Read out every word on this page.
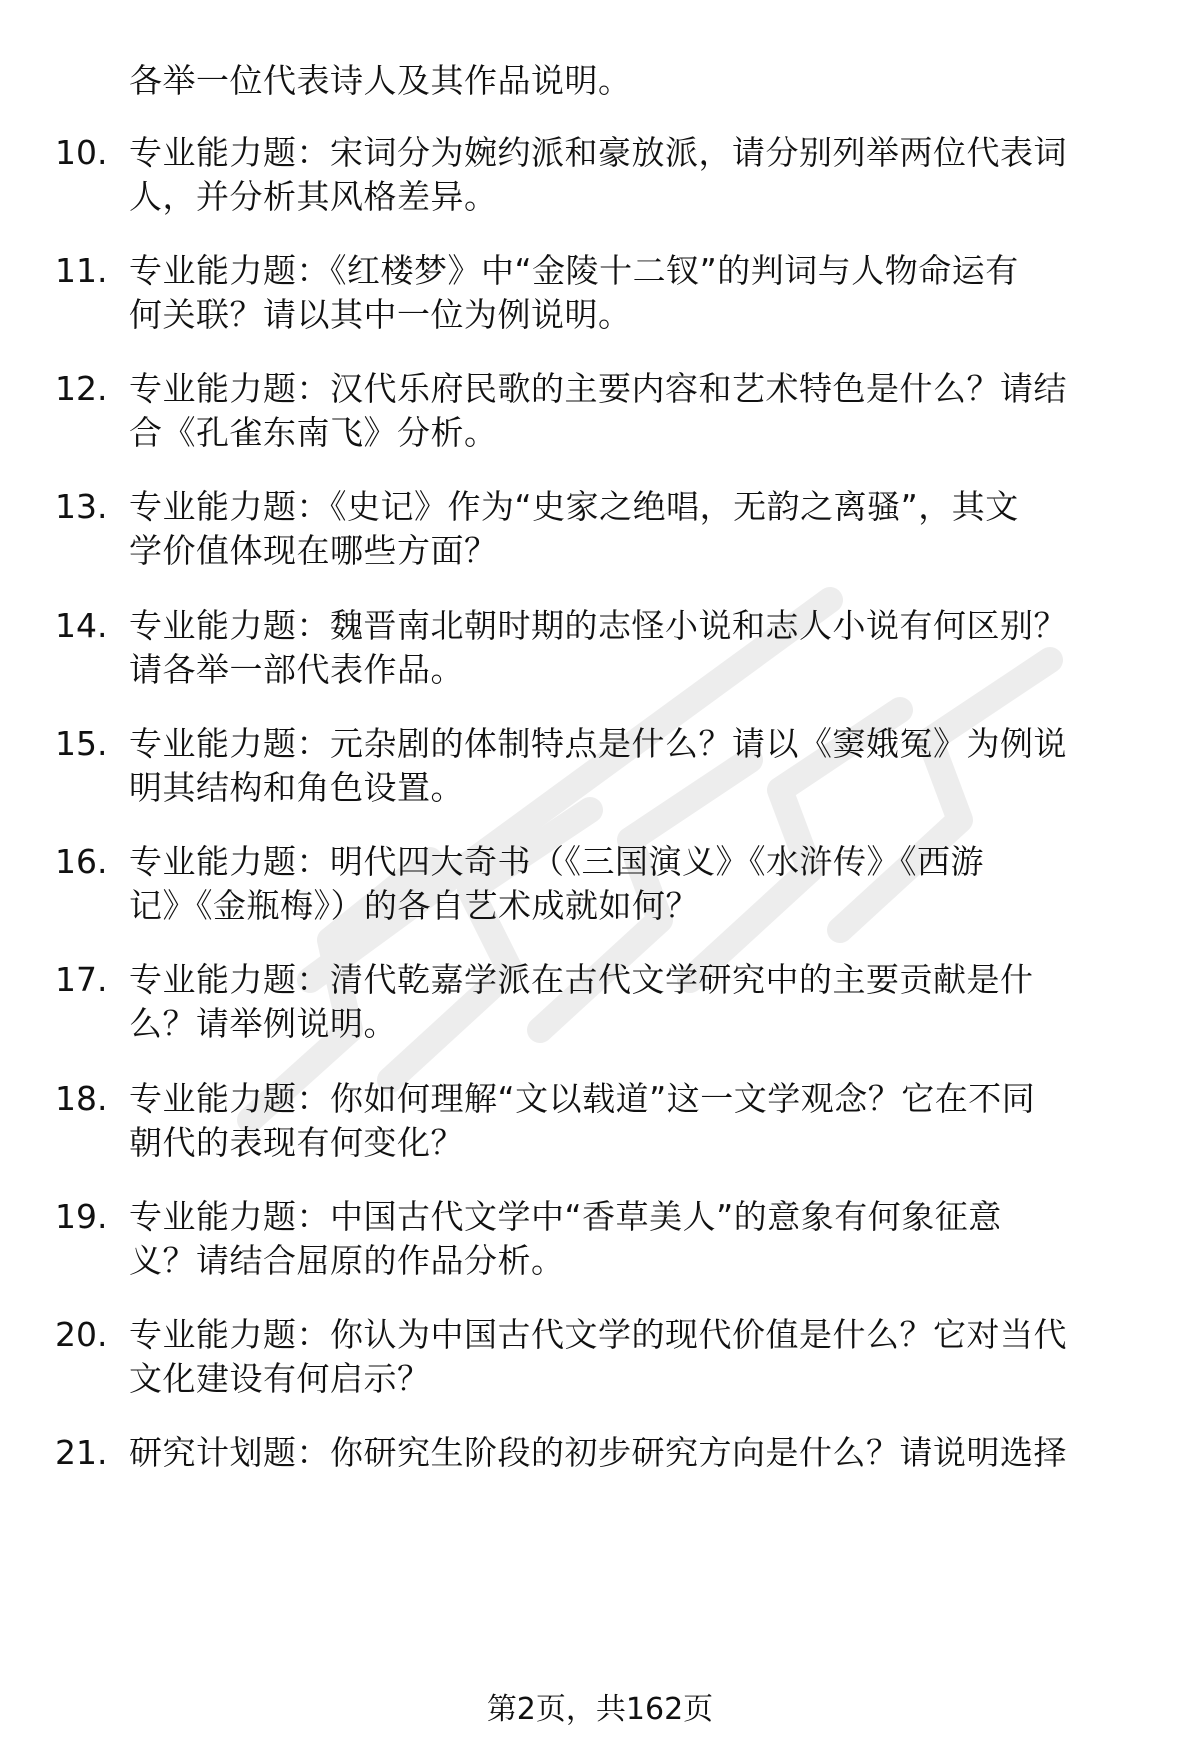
各举一位代表诗人及其作品说明。
10. 专业能力题：宋词分为婉约派和豪放派，请分别列举两位代表词
人，并分析其风格差异。
11. 专业能力题：《红楼梦》中“金陵十二钗”的判词与人物命运有
何关联？请以其中一位为例说明。
12. 专业能力题：汉代乐府民歌的主要内容和艺术特色是什么？请结
合《孔雀东南飞》分析。
13. 专业能力题：《史记》作为“史家之绝唱，无韵之离骚”，其文
学价值体现在哪些方面？
14. 专业能力题：魏晋南北朝时期的志怪小说和志人小说有何区别？
请各举一部代表作品。
15. 专业能力题：元杂剧的体制特点是什么？请以《窦娥冤》为例说
明其结构和角色设置。
16. 专业能力题：明代四大奇书（《三国演义》《水浒传》《西游
记》《金瓶梅》）的各自艺术成就如何？
17. 专业能力题：清代乾嘉学派在古代文学研究中的主要贡献是什
么？请举例说明。
18. 专业能力题：你如何理解“文以载道”这一文学观念？它在不同
朝代的表现有何变化？
19. 专业能力题：中国古代文学中“香草美人”的意象有何象征意
义？请结合屈原的作品分析。
20. 专业能力题：你认为中国古代文学的现代价值是什么？它对当代
文化建设有何启示？
21. 研究计划题：你研究生阶段的初步研究方向是什么？请说明选择
第2页，共162页
